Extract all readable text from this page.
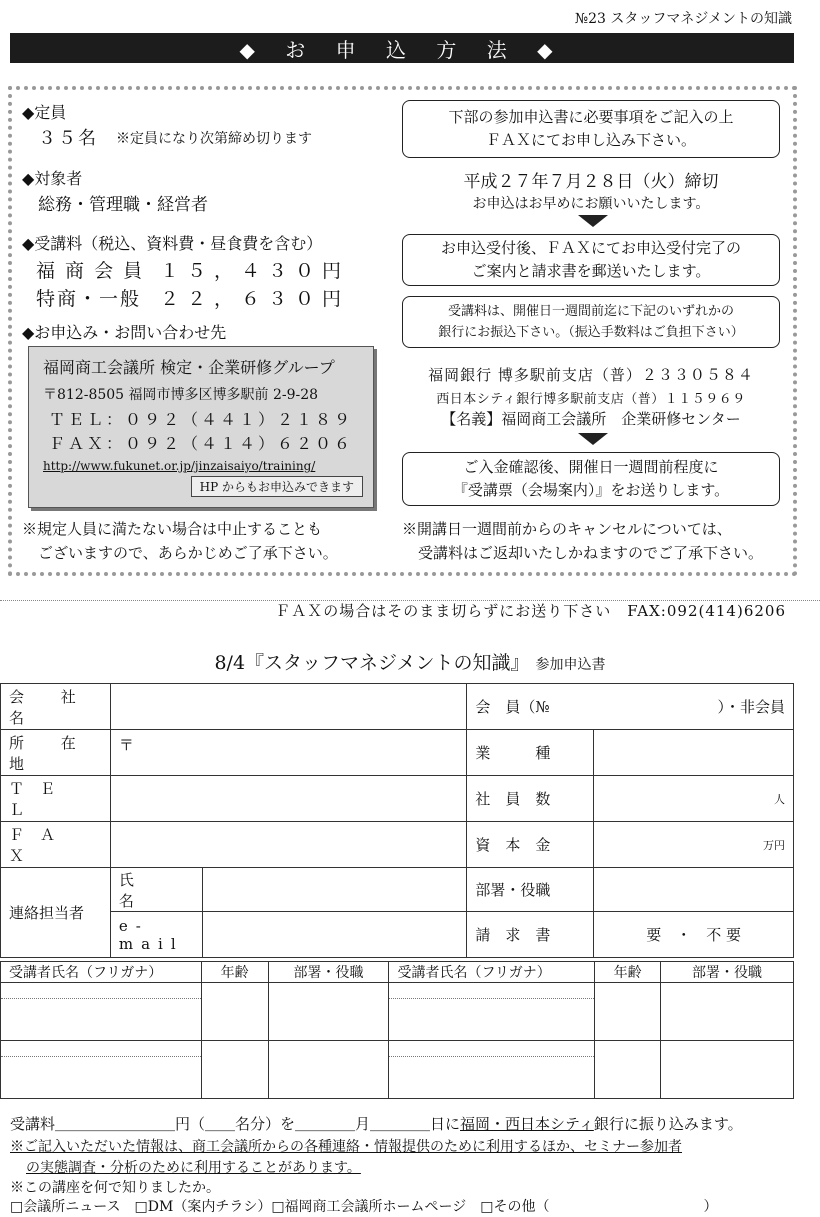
№23 スタッフマネジメントの知識
◆ お 申 込 方 法 ◆
◆定員
３５名 ※定員になり次第締め切ります
◆対象者
総務・管理職・経営者
◆受講料（税込、資料費・昼食費を含む）
福 商 会 員 １５，４３０円
特商・一般 ２２，６３０円
◆お申込み・お問い合わせ先
福岡商工会議所 検定・企業研修グループ
〒812-8505 福岡市博多区博多駅前 2-9-28
ＴＥＬ：０９２（４４１）２１８９
ＦＡＸ：０９２（４１４）６２０６
http://www.fukunet.or.jp/jinzaisaiyo/training/
HP からもお申込みできます
※規定人員に満たない場合は中止することも
ございますので、あらかじめご了承下さい。
下部の参加申込書に必要事項をご記入の上
ＦＡＸにてお申し込み下さい。
平成２７年７月２８日（火）締切
お申込はお早めにお願いいたします。
お申込受付後、ＦＡＸにてお申込受付完了の
ご案内と請求書を郵送いたします。
受講料は、開催日一週間前迄に下記のいずれかの
銀行にお振込下さい。（振込手数料はご負担下さい）
福岡銀行 博多駅前支店（普）２３３０５８４
西日本シティ銀行博多駅前支店（普）１１５９６９
【名義】福岡商工会議所　企業研修センター
ご入金確認後、開催日一週間前程度に
『受講票（会場案内）』をお送りします。
※開講日一週間前からのキャンセルについては、
受講料はご返却いたしかねますのでご了承下さい。
ＦＡＸの場合はそのまま切らずにお送り下さい　FAX:092(414)6206
8/4『スタッフマネジメントの知識』 参加申込書
会 社 名			会　員（№ ）・非会員	

所 在 地	〒		業　　　種	
ＴＥＬ			社　員　数	人
ＦＡＸ			資　本　金	万円
連絡担当者	氏　　名		部署・役職	
	e-mail		請　求　書	要　・　不 要
受講者氏名（フリガナ）	年齢	部署・役職	受講者氏名（フリガナ）	年齢	部署・役職

受講料＿＿＿＿＿＿＿＿円（＿＿名分）を＿＿＿＿月＿＿＿＿日に福岡・西日本シティ銀行に振り込みます。
※ご記入いただいた情報は、商工会議所からの各種連絡・情報提供のために利用するほか、セミナー参加者
の実態調査・分析のために利用することがあります。
※この講座を何で知りましたか。
□会議所ニュース　□DM（案内チラシ）□福岡商工会議所ホームページ　□その他（　　　　　　　　　　　）
